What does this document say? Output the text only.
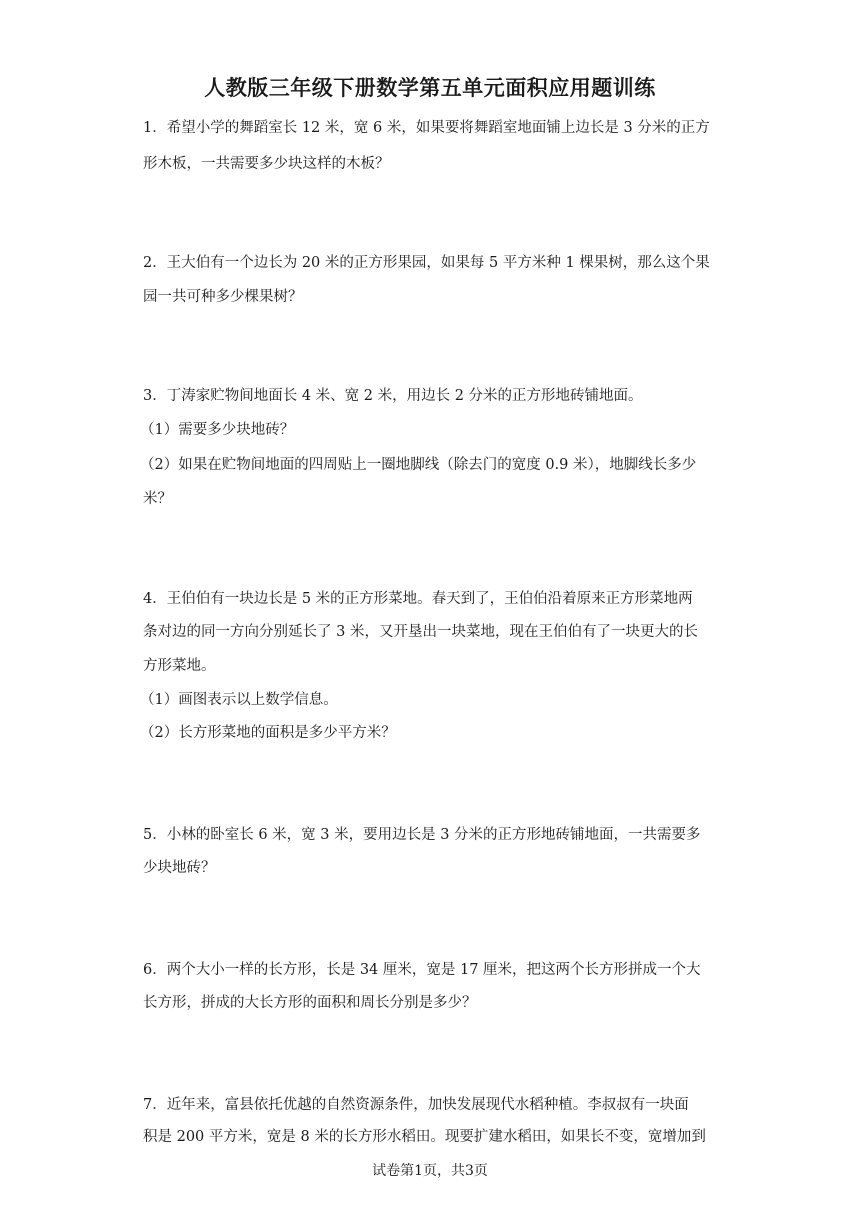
人教版三年级下册数学第五单元面积应用题训练
1．希望小学的舞蹈室长 12 米，宽 6 米，如果要将舞蹈室地面铺上边长是 3 分米的正方
形木板，一共需要多少块这样的木板？
2．王大伯有一个边长为 20 米的正方形果园，如果每 5 平方米种 1 棵果树，那么这个果
园一共可种多少棵果树？
3．丁涛家贮物间地面长 4 米、宽 2 米，用边长 2 分米的正方形地砖铺地面。
（1）需要多少块地砖？
（2）如果在贮物间地面的四周贴上一圈地脚线（除去门的宽度 0.9 米），地脚线长多少
米？
4．王伯伯有一块边长是 5 米的正方形菜地。春天到了，王伯伯沿着原来正方形菜地两
条对边的同一方向分别延长了 3 米，又开垦出一块菜地，现在王伯伯有了一块更大的长
方形菜地。
（1）画图表示以上数学信息。
（2）长方形菜地的面积是多少平方米？
5．小林的卧室长 6 米，宽 3 米，要用边长是 3 分米的正方形地砖铺地面，一共需要多
少块地砖？
6．两个大小一样的长方形，长是 34 厘米，宽是 17 厘米，把这两个长方形拼成一个大
长方形，拼成的大长方形的面积和周长分别是多少？
7．近年来，富县依托优越的自然资源条件，加快发展现代水稻种植。李叔叔有一块面
积是 200 平方米，宽是 8 米的长方形水稻田。现要扩建水稻田，如果长不变，宽增加到
试卷第1页，共3页
